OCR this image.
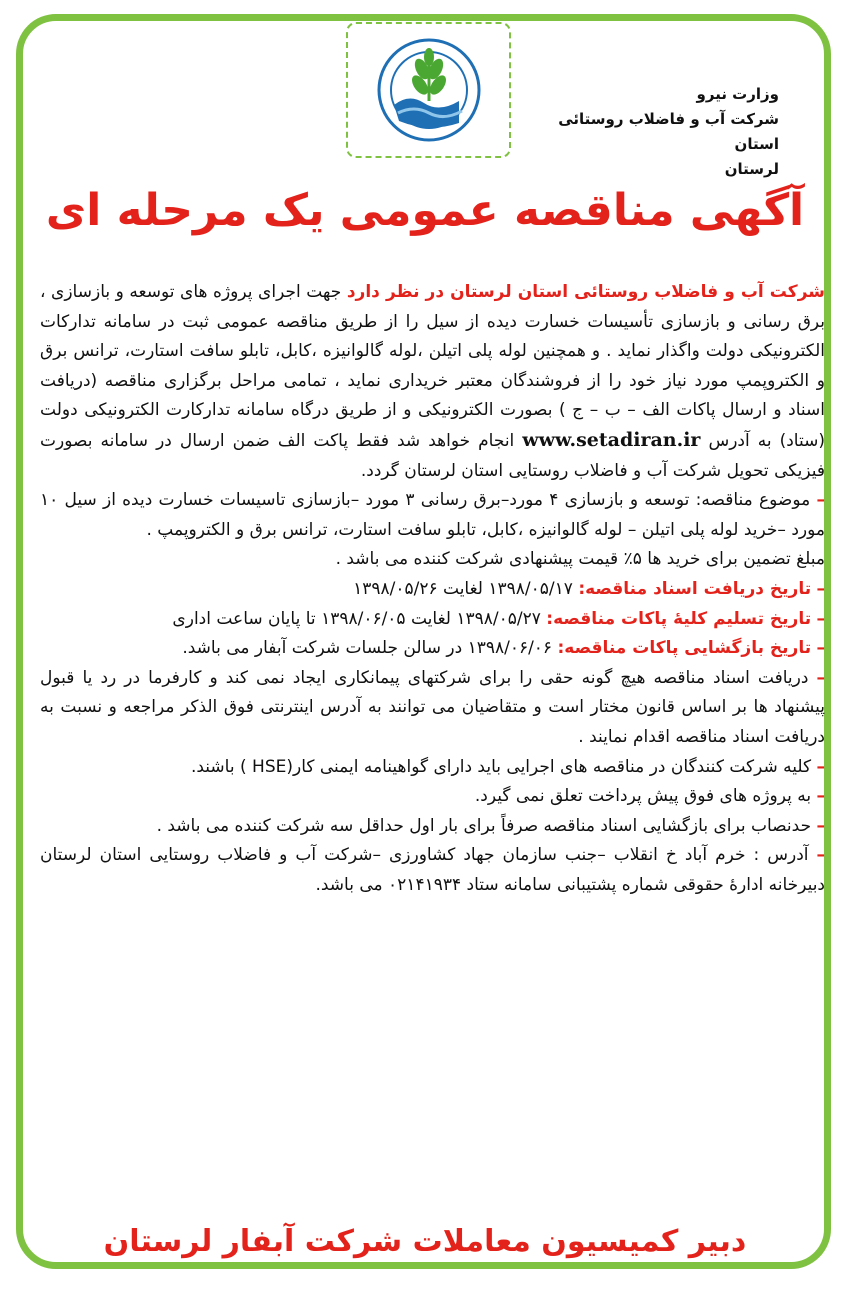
وزارت نیرو
شرکت آب و فاضلاب روستائی استان
لرستان
آگهی مناقصه عمومی یک مرحله ای

شرکت آب و فاضلاب روستائی استان لرستان در نظر دارد جهت اجرای پروژه های توسعه و بازسازی ، برق رسانی و بازسازی تأسیسات خسارت دیده از سیل را از طریق مناقصه عمومی ثبت در سامانه تدارکات الکترونیکی دولت واگذار نماید . و همچنین لوله پلی اتیلن ،لوله گالوانیزه ،کابل، تابلو سافت استارت، ترانس برق و الکتروپمپ مورد نیاز خود را از فروشندگان معتبر خریداری نماید ، تمامی مراحل برگزاری مناقصه (دریافت اسناد و ارسال پاکات الف – ب – ج ) بصورت الکترونیکی و از طریق درگاه سامانه تدارکارت الکترونیکی دولت (ستاد) به آدرس www.setadiran.ir انجام خواهد شد فقط پاکت الف ضمن ارسال در سامانه بصورت فیزیکی تحویل شرکت آب و فاضلاب روستایی استان لرستان گردد.

– موضوع مناقصه: توسعه و بازسازی ۴ مورد–برق رسانی ۳ مورد –بازسازی تاسیسات خسارت دیده از سیل ۱۰ مورد –خرید لوله پلی اتیلن – لوله گالوانیزه ،کابل، تابلو سافت استارت، ترانس برق و الکتروپمپ .

مبلغ تضمین برای خرید ها ۵٪ قیمت پیشنهادی شرکت کننده می باشد .

– تاریخ دریافت اسناد مناقصه: ۱۳۹۸/۰۵/۱۷ لغایت ۱۳۹۸/۰۵/۲۶

– تاریخ تسلیم کلیهٔ پاکات مناقصه: ۱۳۹۸/۰۵/۲۷ لغایت ۱۳۹۸/۰۶/۰۵ تا پایان ساعت اداری

– تاریخ بازگشایی پاکات مناقصه: ۱۳۹۸/۰۶/۰۶ در سالن جلسات شرکت آبفار می باشد.

– دریافت اسناد مناقصه هیچ گونه حقی را برای شرکتهای پیمانکاری ایجاد نمی کند و کارفرما در رد یا قبول پیشنهاد ها بر اساس قانون مختار است و متقاضیان می توانند به آدرس اینترنتی فوق الذکر مراجعه و نسبت به دریافت اسناد مناقصه اقدام نمایند .

– کلیه شرکت کنندگان در مناقصه های اجرایی باید دارای گواهینامه ایمنی کار(HSE ) باشند.

– به پروژه های فوق پیش پرداخت تعلق نمی گیرد.

– حدنصاب برای بازگشایی اسناد مناقصه صرفاً برای بار اول حداقل سه شرکت کننده می باشد .

– آدرس : خرم آباد خ انقلاب –جنب سازمان جهاد کشاورزی –شرکت آب و فاضلاب روستایی استان لرستان دبیرخانه ادارهٔ حقوقی شماره پشتیبانی سامانه ستاد ۰۲۱۴۱۹۳۴ می باشد.

دبیر کمیسیون معاملات شرکت آبفار لرستان
